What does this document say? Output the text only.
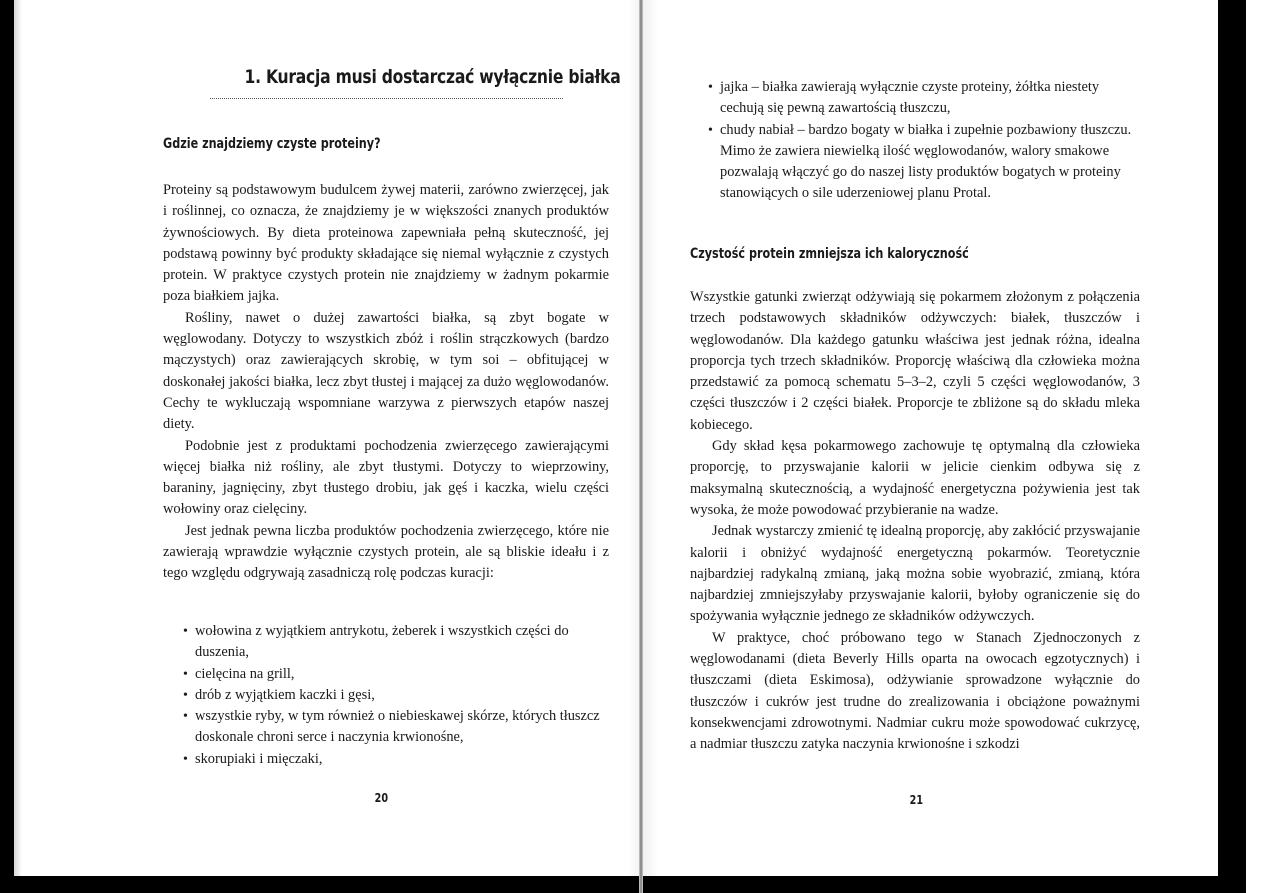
1. Kuracja musi dostarczać wyłącznie białka
Gdzie znajdziemy czyste proteiny?

Proteiny są podstawowym budulcem żywej materii, zarówno zwierzęcej, jak i roślinnej, co oznacza, że znajdziemy je w większości znanych produktów żywnościowych. By dieta proteinowa zapewniała pełną skuteczność, jej podstawą powinny być produkty składające się niemal wyłącznie z czystych protein. W praktyce czystych protein nie znajdziemy w żadnym pokarmie poza białkiem jajka.

Rośliny, nawet o dużej zawartości białka, są zbyt bogate w węglowodany. Dotyczy to wszystkich zbóż i roślin strączkowych (bardzo mączystych) oraz zawierających skrobię, w tym soi – obfitującej w doskonałej jakości białka, lecz zbyt tłustej i mającej za dużo węglowodanów. Cechy te wykluczają wspomniane warzywa z pierwszych etapów naszej diety.

Podobnie jest z produktami pochodzenia zwierzęcego zawierającymi więcej białka niż rośliny, ale zbyt tłustymi. Dotyczy to wieprzowiny, baraniny, jagnięciny, zbyt tłustego drobiu, jak gęś i kaczka, wielu części wołowiny oraz cielęciny.

Jest jednak pewna liczba produktów pochodzenia zwierzęcego, które nie zawierają wprawdzie wyłącznie czystych protein, ale są bliskie ideału i z tego względu odgrywają zasadniczą rolę podczas kuracji:

• wołowina z wyjątkiem antrykotu, żeberek i wszystkich części do duszenia,
• cielęcina na grill,
• drób z wyjątkiem kaczki i gęsi,
• wszystkie ryby, w tym również o niebieskawej skórze, których tłuszcz doskonale chroni serce i naczynia krwionośne,
• skorupiaki i mięczaki,

20

• jajka – białka zawierają wyłącznie czyste proteiny, żółtka niestety cechują się pewną zawartością tłuszczu,
• chudy nabiał – bardzo bogaty w białka i zupełnie pozbawiony tłuszczu. Mimo że zawiera niewielką ilość węglowodanów, walory smakowe pozwalają włączyć go do naszej listy produktów bogatych w proteiny stanowiących o sile uderzeniowej planu Protal.
Czystość protein zmniejsza ich kaloryczność

Wszystkie gatunki zwierząt odżywiają się pokarmem złożonym z połączenia trzech podstawowych składników odżywczych: białek, tłuszczów i węglowodanów. Dla każdego gatunku właściwa jest jednak różna, idealna proporcja tych trzech składników. Proporcję właściwą dla człowieka można przedstawić za pomocą schematu 5–3–2, czyli 5 części węglowodanów, 3 części tłuszczów i 2 części białek. Proporcje te zbliżone są do składu mleka kobiecego.

Gdy skład kęsa pokarmowego zachowuje tę optymalną dla człowieka proporcję, to przyswajanie kalorii w jelicie cienkim odbywa się z maksymalną skutecznością, a wydajność energetyczna pożywienia jest tak wysoka, że może powodować przybieranie na wadze.

Jednak wystarczy zmienić tę idealną proporcję, aby zakłócić przyswajanie kalorii i obniżyć wydajność energetyczną pokarmów. Teoretycznie najbardziej radykalną zmianą, jaką można sobie wyobrazić, zmianą, która najbardziej zmniejszyłaby przyswajanie kalorii, byłoby ograniczenie się do spożywania wyłącznie jednego ze składników odżywczych.

W praktyce, choć próbowano tego w Stanach Zjednoczonych z węglowodanami (dieta Beverly Hills oparta na owocach egzotycznych) i tłuszczami (dieta Eskimosa), odżywianie sprowadzone wyłącznie do tłuszczów i cukrów jest trudne do zrealizowania i obciążone poważnymi konsekwencjami zdrowotnymi. Nadmiar cukru może spowodować cukrzycę, a nadmiar tłuszczu zatyka naczynia krwionośne i szkodzi

21
